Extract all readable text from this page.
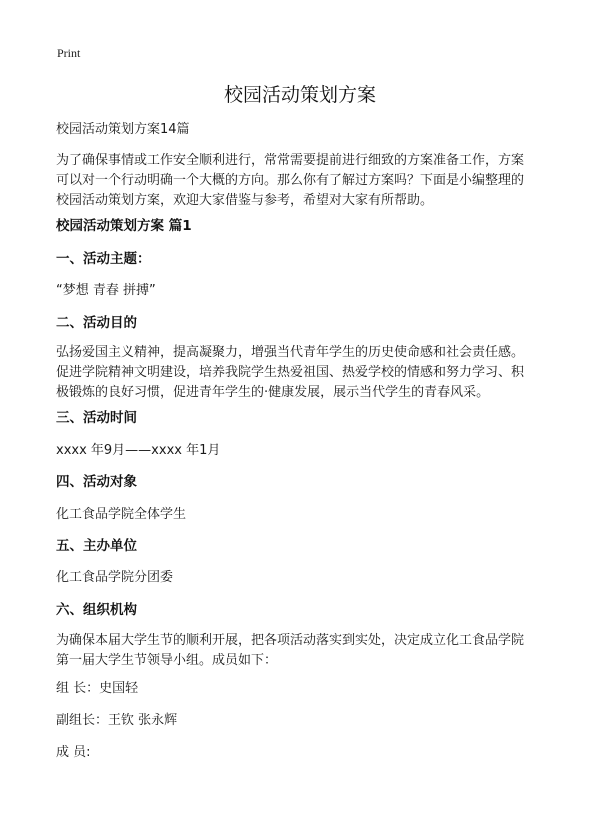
Print
校园活动策划方案
校园活动策划方案14篇
为了确保事情或工作安全顺利进行，常常需要提前进行细致的方案准备工作，方案
可以对一个行动明确一个大概的方向。那么你有了解过方案吗？下面是小编整理的
校园活动策划方案，欢迎大家借鉴与参考，希望对大家有所帮助。
校园活动策划方案 篇1
一、活动主题：
“梦想 青春 拼搏”
二、活动目的
弘扬爱国主义精神，提高凝聚力，增强当代青年学生的历史使命感和社会责任感。
促进学院精神文明建设，培养我院学生热爱祖国、热爱学校的情感和努力学习、积
极锻炼的良好习惯，促进青年学生的·健康发展，展示当代学生的青春风采。
三、活动时间
xxxx 年9月——xxxx 年1月
四、活动对象
化工食品学院全体学生
五、主办单位
化工食品学院分团委
六、组织机构
为确保本届大学生节的顺利开展，把各项活动落实到实处，决定成立化工食品学院
第一届大学生节领导小组。成员如下：
组 长：史国轻
副组长：王钦 张永辉
成 员:
